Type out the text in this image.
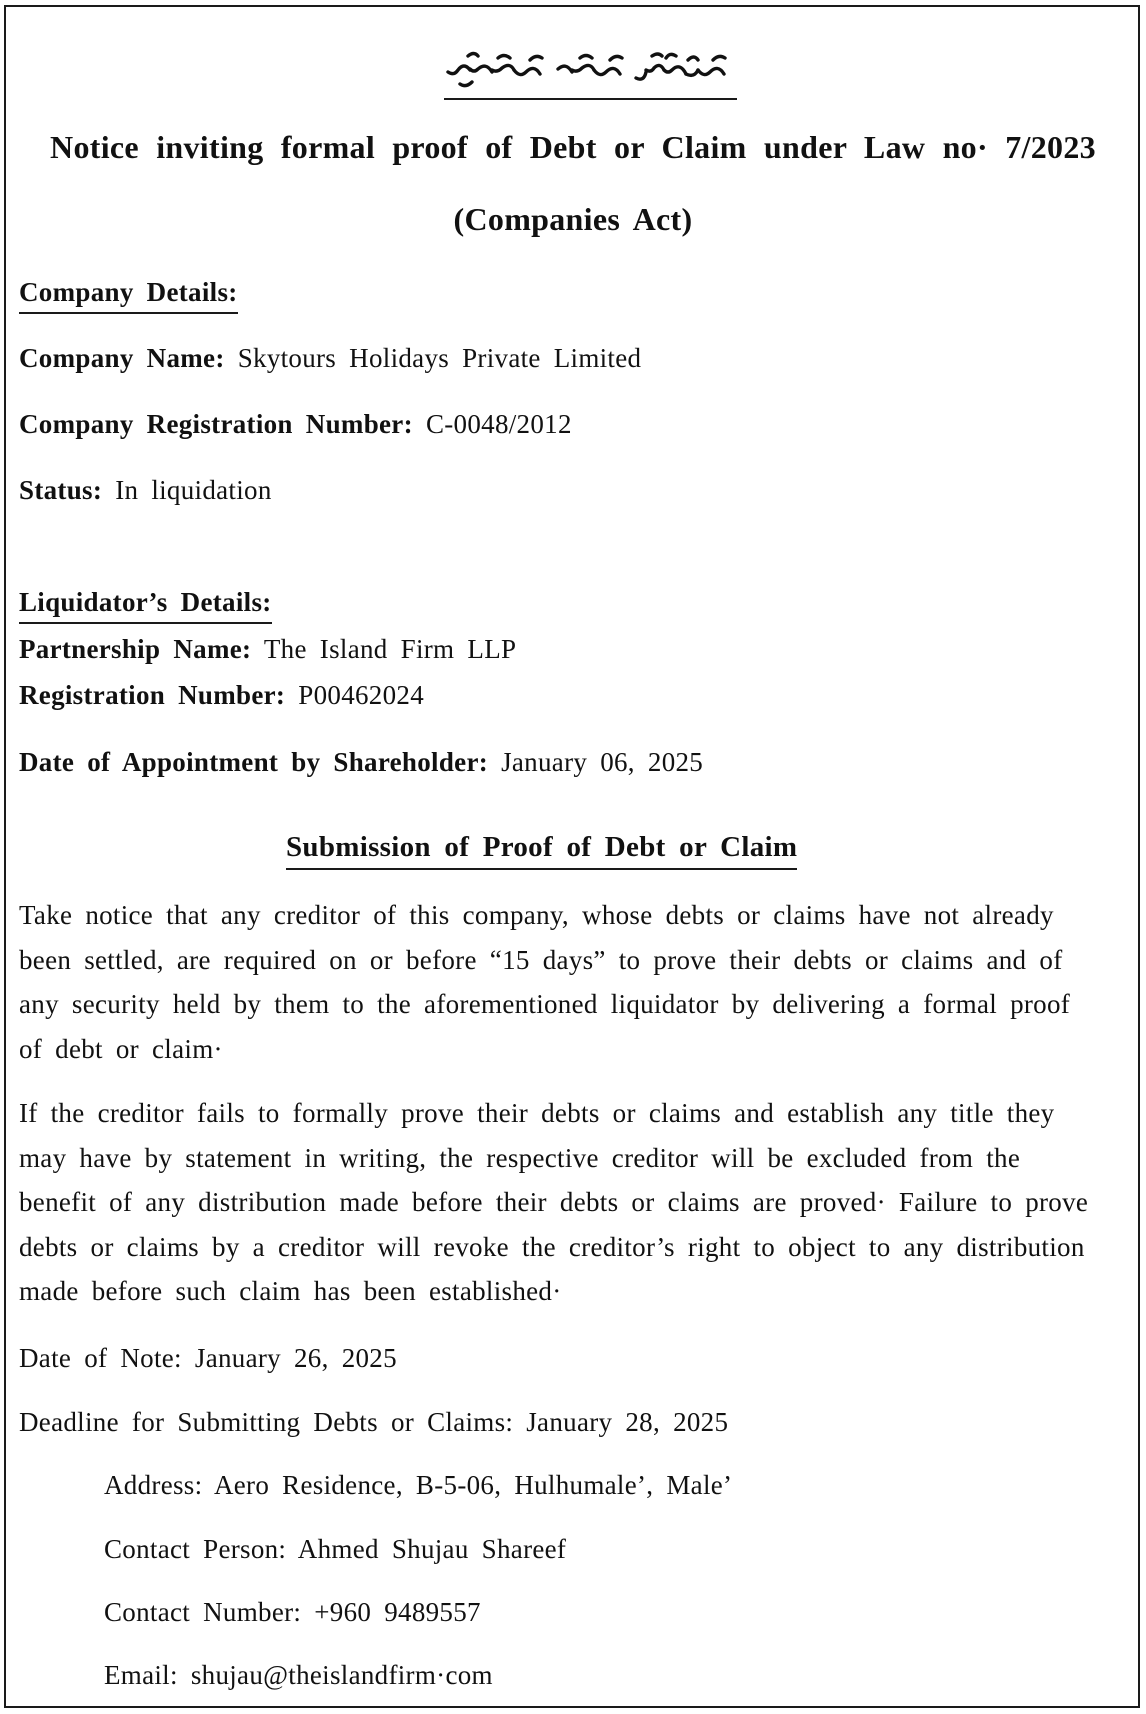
Notice inviting formal proof of Debt or Claim under Law no· 7/2023
(Companies Act)
Company Details:
Company Name: Skytours Holidays Private Limited
Company Registration Number: C-0048/2012
Status: In liquidation
Liquidator’s Details:
Partnership Name: The Island Firm LLP
Registration Number: P00462024
Date of Appointment by Shareholder: January 06, 2025
Submission of Proof of Debt or Claim
Take notice that any creditor of this company, whose debts or claims have not already
been settled, are required on or before “15 days” to prove their debts or claims and of
any security held by them to the aforementioned liquidator by delivering a formal proof
of debt or claim·
If the creditor fails to formally prove their debts or claims and establish any title they
may have by statement in writing, the respective creditor will be excluded from the
benefit of any distribution made before their debts or claims are proved· Failure to prove
debts or claims by a creditor will revoke the creditor’s right to object to any distribution
made before such claim has been established·
Date of Note: January 26, 2025
Deadline for Submitting Debts or Claims: January 28, 2025
Address: Aero Residence, B-5-06, Hulhumale’, Male’
Contact Person: Ahmed Shujau Shareef
Contact Number: +960 9489557
Email: shujau@theislandfirm·com
